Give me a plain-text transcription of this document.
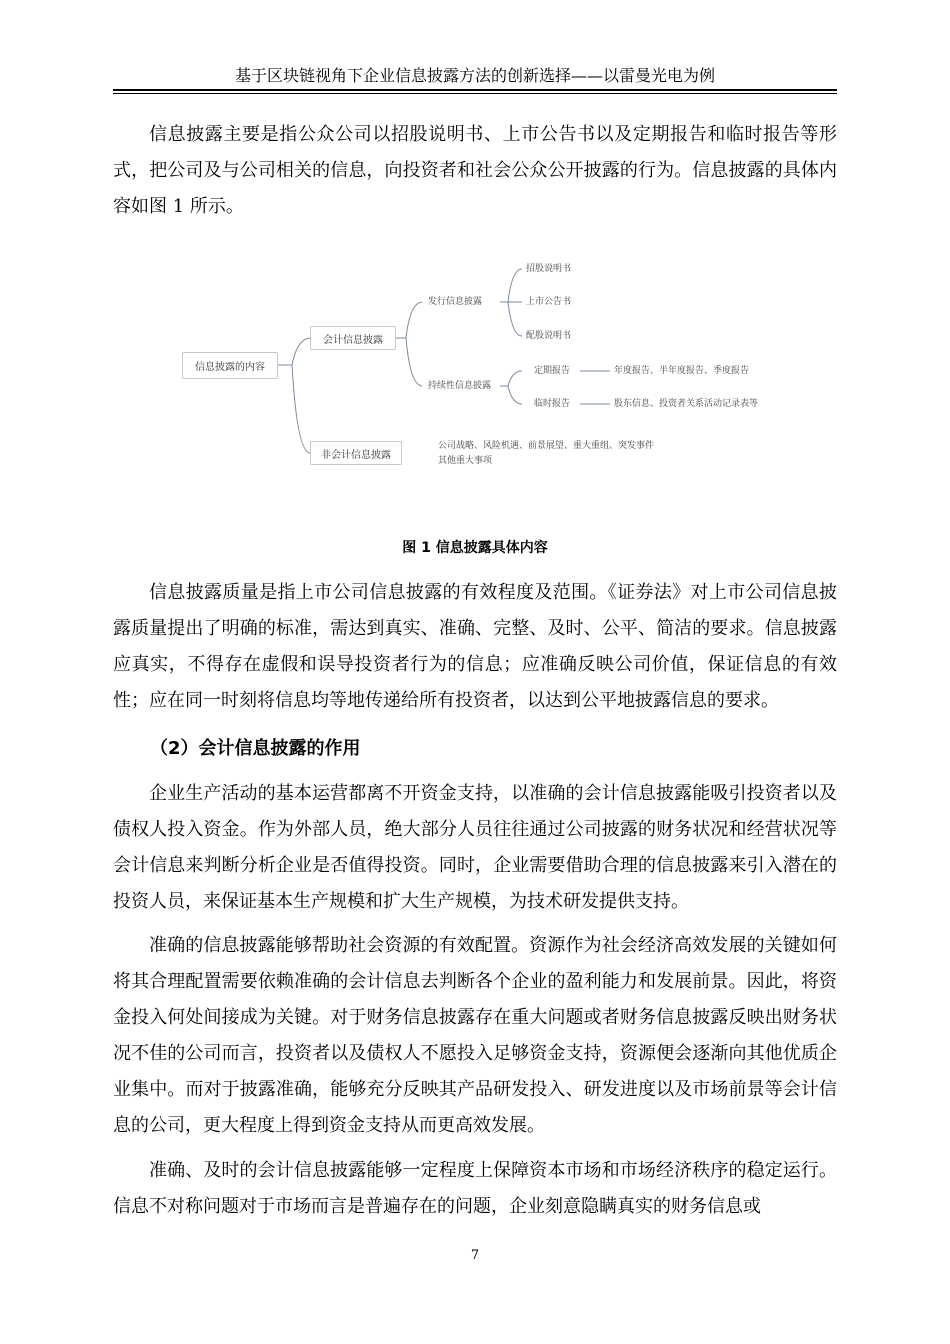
基于区块链视角下企业信息披露方法的创新选择——以雷曼光电为例

信息披露主要是指公众公司以招股说明书、上市公告书以及定期报告和临时报告等形式，把公司及与公司相关的信息，向投资者和社会公众公开披露的行为。信息披露的具体内容如图 1 所示。

信息披露的内容
会计信息披露
非会计信息披露
发行信息披露
持续性信息披露
招股说明书
上市公告书
配股说明书
定期报告
临时报告
年度报告、半年度报告、季度报告
股东信息、投资者关系活动记录表等
公司战略、风险机遇、前景展望、重大重组、突发事件
其他重大事项
图 1 信息披露具体内容

信息披露质量是指上市公司信息披露的有效程度及范围。《证券法》对上市公司信息披露质量提出了明确的标准，需达到真实、准确、完整、及时、公平、简洁的要求。信息披露应真实，不得存在虚假和误导投资者行为的信息；应准确反映公司价值，保证信息的有效性；应在同一时刻将信息均等地传递给所有投资者，以达到公平地披露信息的要求。

（2）会计信息披露的作用

企业生产活动的基本运营都离不开资金支持，以准确的会计信息披露能吸引投资者以及债权人投入资金。作为外部人员，绝大部分人员往往通过公司披露的财务状况和经营状况等会计信息来判断分析企业是否值得投资。同时，企业需要借助合理的信息披露来引入潜在的投资人员，来保证基本生产规模和扩大生产规模，为技术研发提供支持。

准确的信息披露能够帮助社会资源的有效配置。资源作为社会经济高效发展的关键如何将其合理配置需要依赖准确的会计信息去判断各个企业的盈利能力和发展前景。因此，将资金投入何处间接成为关键。对于财务信息披露存在重大问题或者财务信息披露反映出财务状况不佳的公司而言，投资者以及债权人不愿投入足够资金支持，资源便会逐渐向其他优质企业集中。而对于披露准确，能够充分反映其产品研发投入、研发进度以及市场前景等会计信息的公司，更大程度上得到资金支持从而更高效发展。

准确、及时的会计信息披露能够一定程度上保障资本市场和市场经济秩序的稳定运行。信息不对称问题对于市场而言是普遍存在的问题，企业刻意隐瞒真实的财务信息或

7
